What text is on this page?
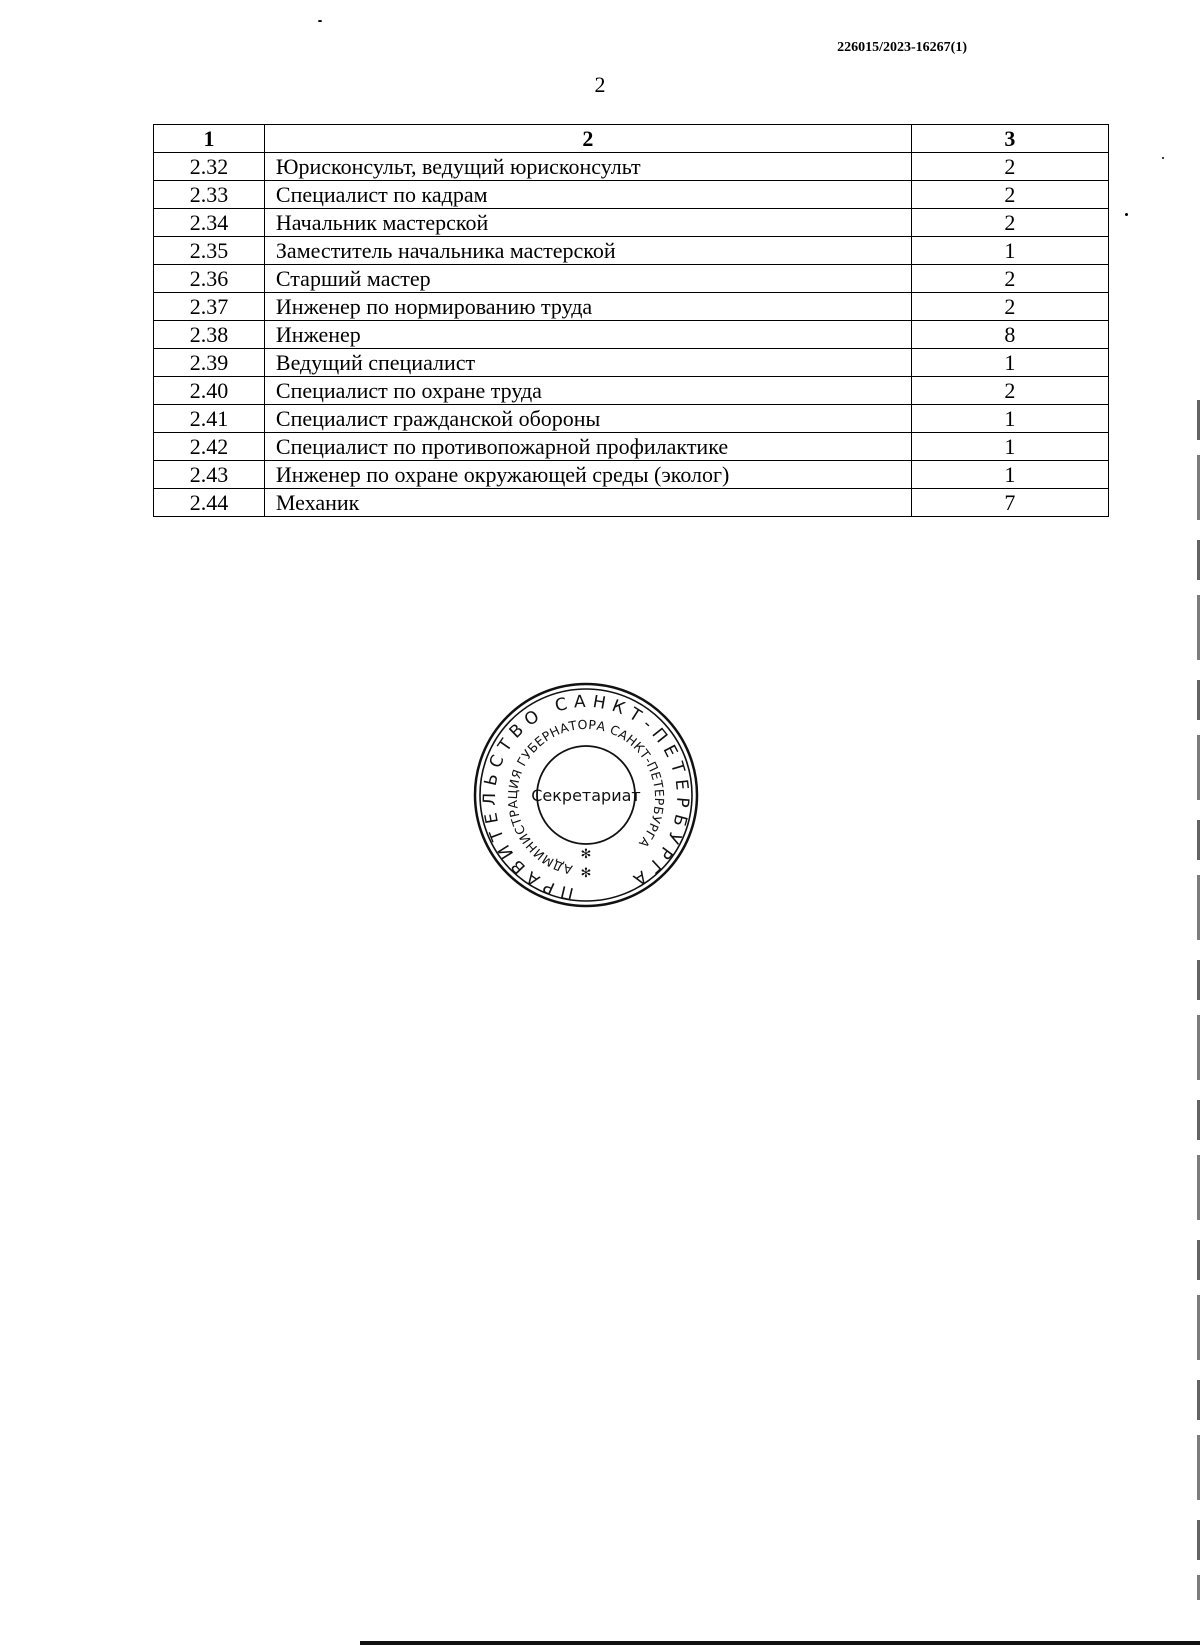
226015/2023-16267(1)
2
1	2	3
2.32	Юрисконсульт, ведущий юрисконсульт	2
2.33	Специалист по кадрам	2
2.34	Начальник мастерской	2
2.35	Заместитель начальника мастерской	1
2.36	Старший мастер	2
2.37	Инженер по нормированию труда	2
2.38	Инженер	8
2.39	Ведущий специалист	1
2.40	Специалист по охране труда	2
2.41	Специалист гражданской обороны	1
2.42	Специалист по противопожарной профилактике	1
2.43	Инженер по охране окружающей среды (эколог)	1
2.44	Механик	7
ПРАВИТЕЛЬСТВО САНКТ-ПЕТЕРБУРГА
АДМИНИСТРАЦИЯ ГУБЕРНАТОРА САНКТ-ПЕТЕРБУРГА
Секретариат
✻
✻
